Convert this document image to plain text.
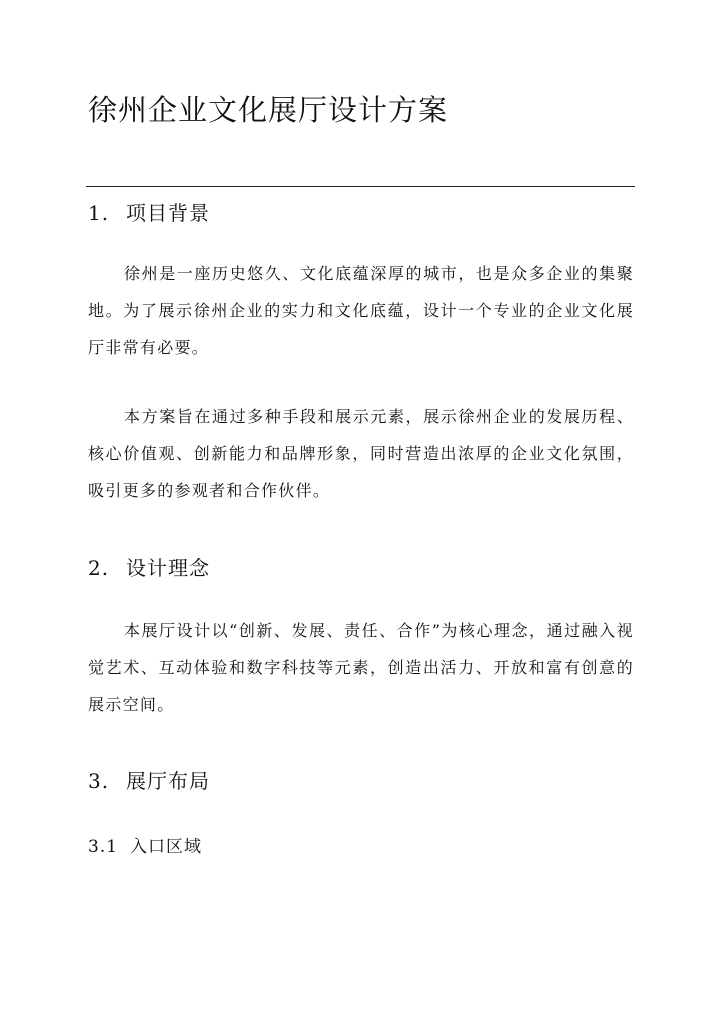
徐州企业文化展厅设计方案
1. 项目背景

徐州是一座历史悠久、文化底蕴深厚的城市，也是众多企业的集聚地。为了展示徐州企业的实力和文化底蕴，设计一个专业的企业文化展厅非常有必要。

本方案旨在通过多种手段和展示元素，展示徐州企业的发展历程、核心价值观、创新能力和品牌形象，同时营造出浓厚的企业文化氛围，吸引更多的参观者和合作伙伴。

2. 设计理念

本展厅设计以“创新、发展、责任、合作”为核心理念，通过融入视觉艺术、互动体验和数字科技等元素，创造出活力、开放和富有创意的展示空间。

3. 展厅布局
3.1 入口区域
